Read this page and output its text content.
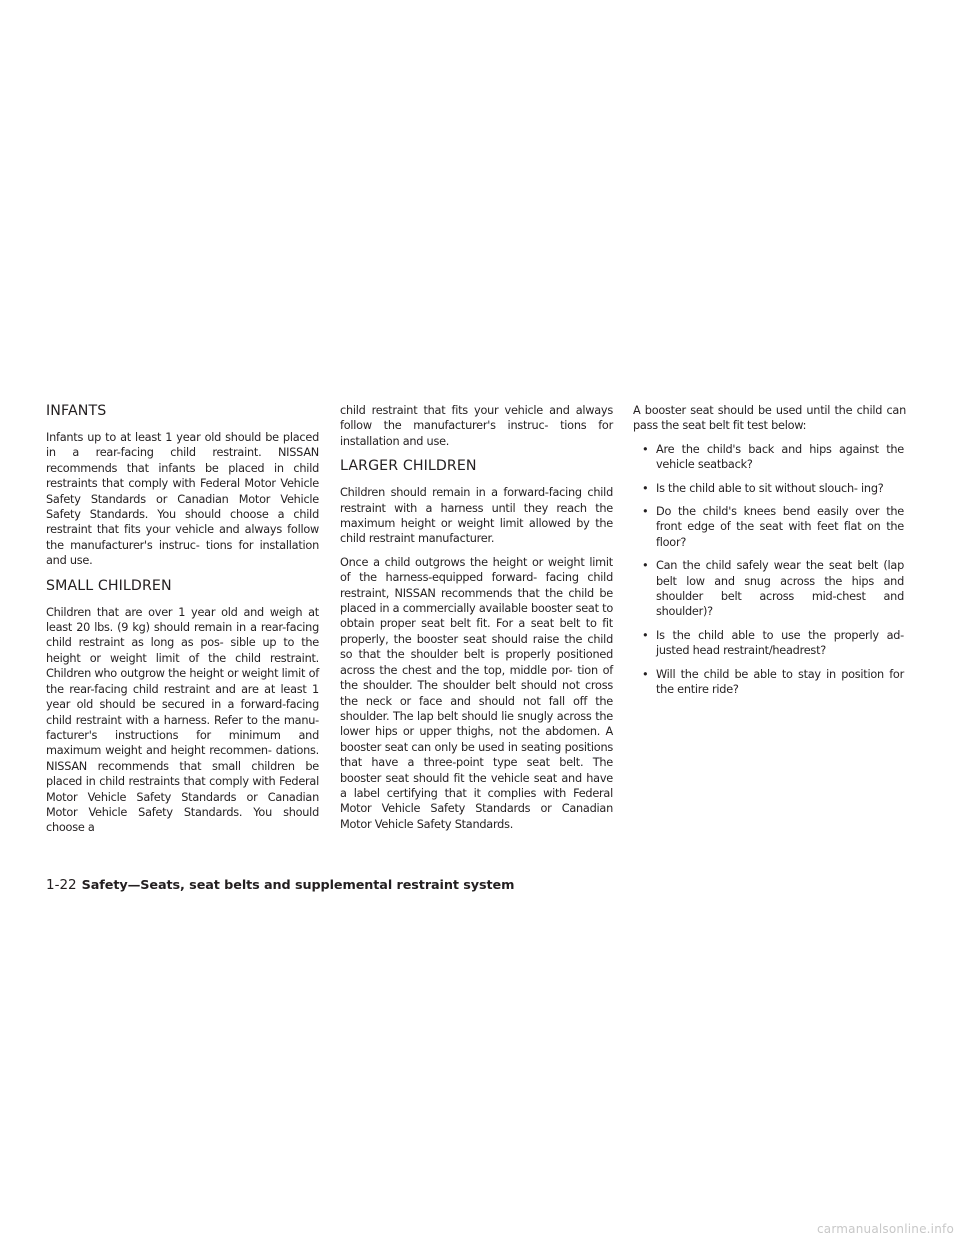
INFANTS

Infants up to at least 1 year old should be placed in a rear-facing child restraint. NISSAN recommends that infants be placed in child restraints that comply with Federal Motor Vehicle Safety Standards or Canadian Motor Vehicle Safety Standards. You should choose a child restraint that fits your vehicle and always follow the manufacturer's instruc- tions for installation and use.

SMALL CHILDREN

Children that are over 1 year old and weigh at least 20 lbs. (9 kg) should remain in a rear-facing child restraint as long as pos- sible up to the height or weight limit of the child restraint. Children who outgrow the height or weight limit of the rear-facing child restraint and are at least 1 year old should be secured in a forward-facing child restraint with a harness. Refer to the manu- facturer's instructions for minimum and maximum weight and height recommen- dations. NISSAN recommends that small children be placed in child restraints that comply with Federal Motor Vehicle Safety Standards or Canadian Motor Vehicle Safety Standards. You should choose a

child restraint that fits your vehicle and always follow the manufacturer's instruc- tions for installation and use.

LARGER CHILDREN

Children should remain in a forward-facing child restraint with a harness until they reach the maximum height or weight limit allowed by the child restraint manufacturer.

Once a child outgrows the height or weight limit of the harness-equipped forward- facing child restraint, NISSAN recommends that the child be placed in a commercially available booster seat to obtain proper seat belt fit. For a seat belt to fit properly, the booster seat should raise the child so that the shoulder belt is properly positioned across the chest and the top, middle por- tion of the shoulder. The shoulder belt should not cross the neck or face and should not fall off the shoulder. The lap belt should lie snugly across the lower hips or upper thighs, not the abdomen. A booster seat can only be used in seating positions that have a three-point type seat belt. The booster seat should fit the vehicle seat and have a label certifying that it complies with Federal Motor Vehicle Safety Standards or Canadian Motor Vehicle Safety Standards.

A booster seat should be used until the child can pass the seat belt fit test below:

• Are the child's back and hips against the vehicle seatback?
• Is the child able to sit without slouch- ing?
• Do the child's knees bend easily over the front edge of the seat with feet flat on the floor?
• Can the child safely wear the seat belt (lap belt low and snug across the hips and shoulder belt across mid-chest and shoulder)?
• Is the child able to use the properly ad- justed head restraint/headrest?
• Will the child be able to stay in position for the entire ride?
1-22 Safety—Seats, seat belts and supplemental restraint system
carmanualsonline.info
